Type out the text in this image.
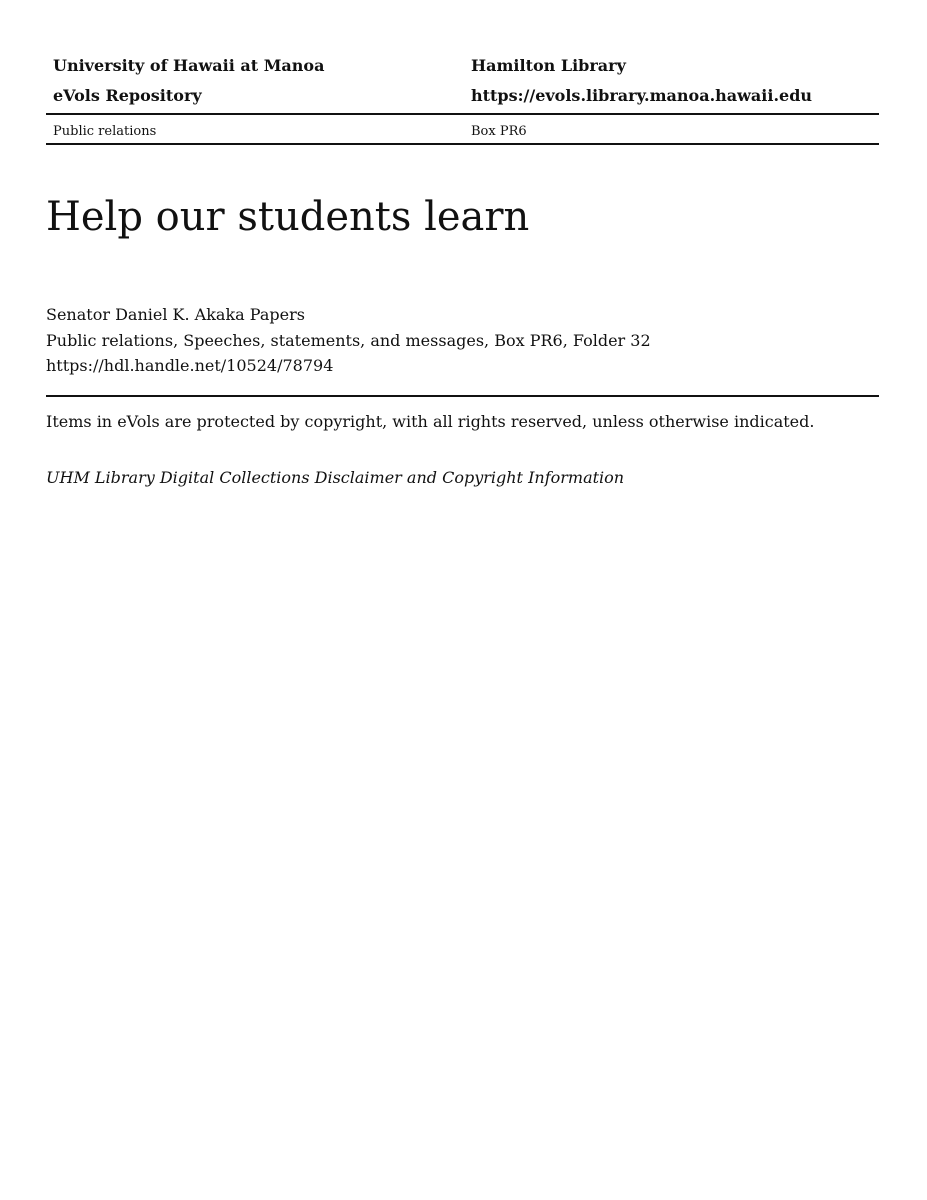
University of Hawaii at Manoa	Hamilton Library
eVols Repository	https://evols.library.manoa.hawaii.edu
Public relations	Box PR6
Help our students learn
Senator Daniel K. Akaka Papers
Public relations, Speeches, statements, and messages, Box PR6, Folder 32
https://hdl.handle.net/10524/78794
Items in eVols are protected by copyright, with all rights reserved, unless otherwise indicated.
UHM Library Digital Collections Disclaimer and Copyright Information
